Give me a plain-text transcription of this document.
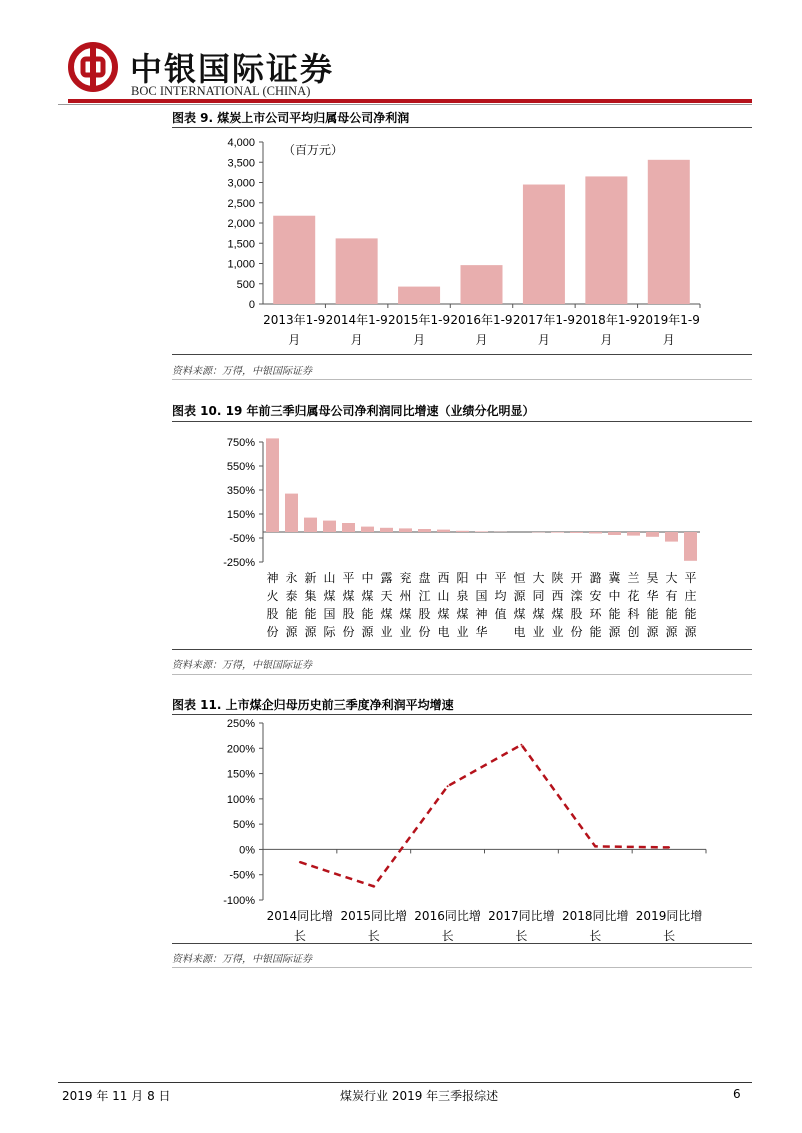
中银国际证券
BOC INTERNATIONAL (CHINA)
图表 9. 煤炭上市公司平均归属母公司净利润
4,000
3,500
3,000
2,500
2,000
1,500
1,000
500
0
（百万元）
2013年1-9
月
2014年1-9
月
2015年1-9
月
2016年1-9
月
2017年1-9
月
2018年1-9
月
2019年1-9
月
资料来源：万得，中银国际证券
图表 10. 19 年前三季归属母公司净利润同比增速（业绩分化明显）
750%
550%
350%
150%
-50%
-250%
神
火
股
份
永
泰
能
源
新
集
能
源
山
煤
国
际
平
煤
股
份
中
煤
能
源
露
天
煤
业
兖
州
煤
业
盘
江
股
份
西
山
煤
电
阳
泉
煤
业
中
国
神
华
平
均
值
恒
源
煤
电
大
同
煤
业
陕
西
煤
业
开
滦
股
份
潞
安
环
能
冀
中
能
源
兰
花
科
创
昊
华
能
源
大
有
能
源
平
庄
能
源
资料来源：万得，中银国际证券
图表 11. 上市煤企归母历史前三季度净利润平均增速
250%
200%
150%
100%
50%
0%
-50%
-100%
2014同比增
长
2015同比增
长
2016同比增
长
2017同比增
长
2018同比增
长
2019同比增
长
资料来源：万得，中银国际证券
2019 年 11 月 8 日	煤炭行业 2019 年三季报综述	6
